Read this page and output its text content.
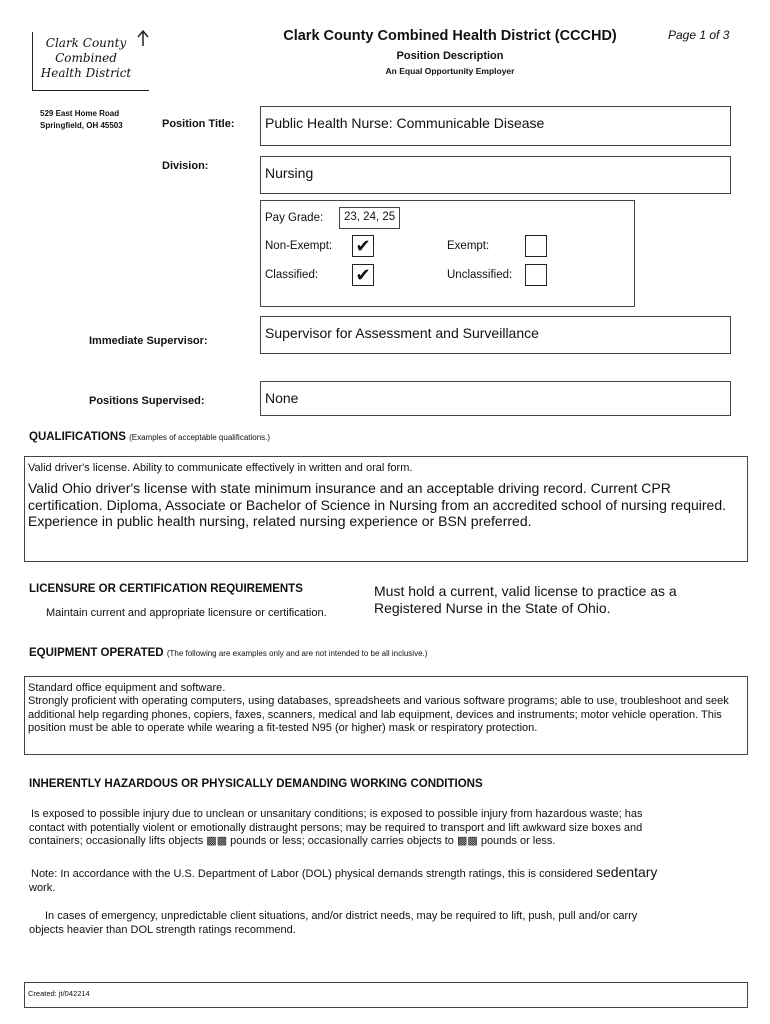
Clark County
Combined
Health District
529 East Home Road
Springfield, OH 45503
Clark County Combined Health District (CCCHD)
Position Description
An Equal Opportunity Employer
Page 1 of 3
Position Title: Public Health Nurse: Communicable Disease
Division:	Nursing
Pay Grade:	23, 24, 25
Non-Exempt: ✔	Exempt:
Classified: ✔	Unclassified:
Immediate Supervisor:	Supervisor for Assessment and Surveillance
Positions Supervised:	None
QUALIFICATIONS (Examples of acceptable qualifications.)
Valid driver's license. Ability to communicate effectively in written and oral form.
Valid Ohio driver's license with state minimum insurance and an acceptable driving record. Current CPR certification. Diploma, Associate or Bachelor of Science in Nursing from an accredited school of nursing required. Experience in public health nursing, related nursing experience or BSN preferred.
LICENSURE OR CERTIFICATION REQUIREMENTS
Maintain current and appropriate licensure or certification.
Must hold a current, valid license to practice as a
Registered Nurse in the State of Ohio.
EQUIPMENT OPERATED (The following are examples only and are not intended to be all inclusive.)
Standard office equipment and software.
Strongly proficient with operating computers, using databases, spreadsheets and various software programs; able to use, troubleshoot and seek additional help regarding phones, copiers, faxes, scanners, medical and lab equipment, devices and instruments; motor vehicle operation. This position must be able to operate while wearing a fit-tested N95 (or higher) mask or respiratory protection.
INHERENTLY HAZARDOUS OR PHYSICALLY DEMANDING WORKING CONDITIONS
Is exposed to possible injury due to unclean or unsanitary conditions; is exposed to possible injury from hazardous waste; has
contact with potentially violent or emotionally distraught persons; may be required to transport and lift awkward size boxes and
containers; occasionally lifts objects ▩▩ pounds or less; occasionally carries objects to ▩▩ pounds or less.
Note: In accordance with the U.S. Department of Labor (DOL) physical demands strength ratings, this is considered sedentary
work.
In cases of emergency, unpredictable client situations, and/or district needs, may be required to lift, push, pull and/or carry
objects heavier than DOL strength ratings recommend.
Created: jt/042214
